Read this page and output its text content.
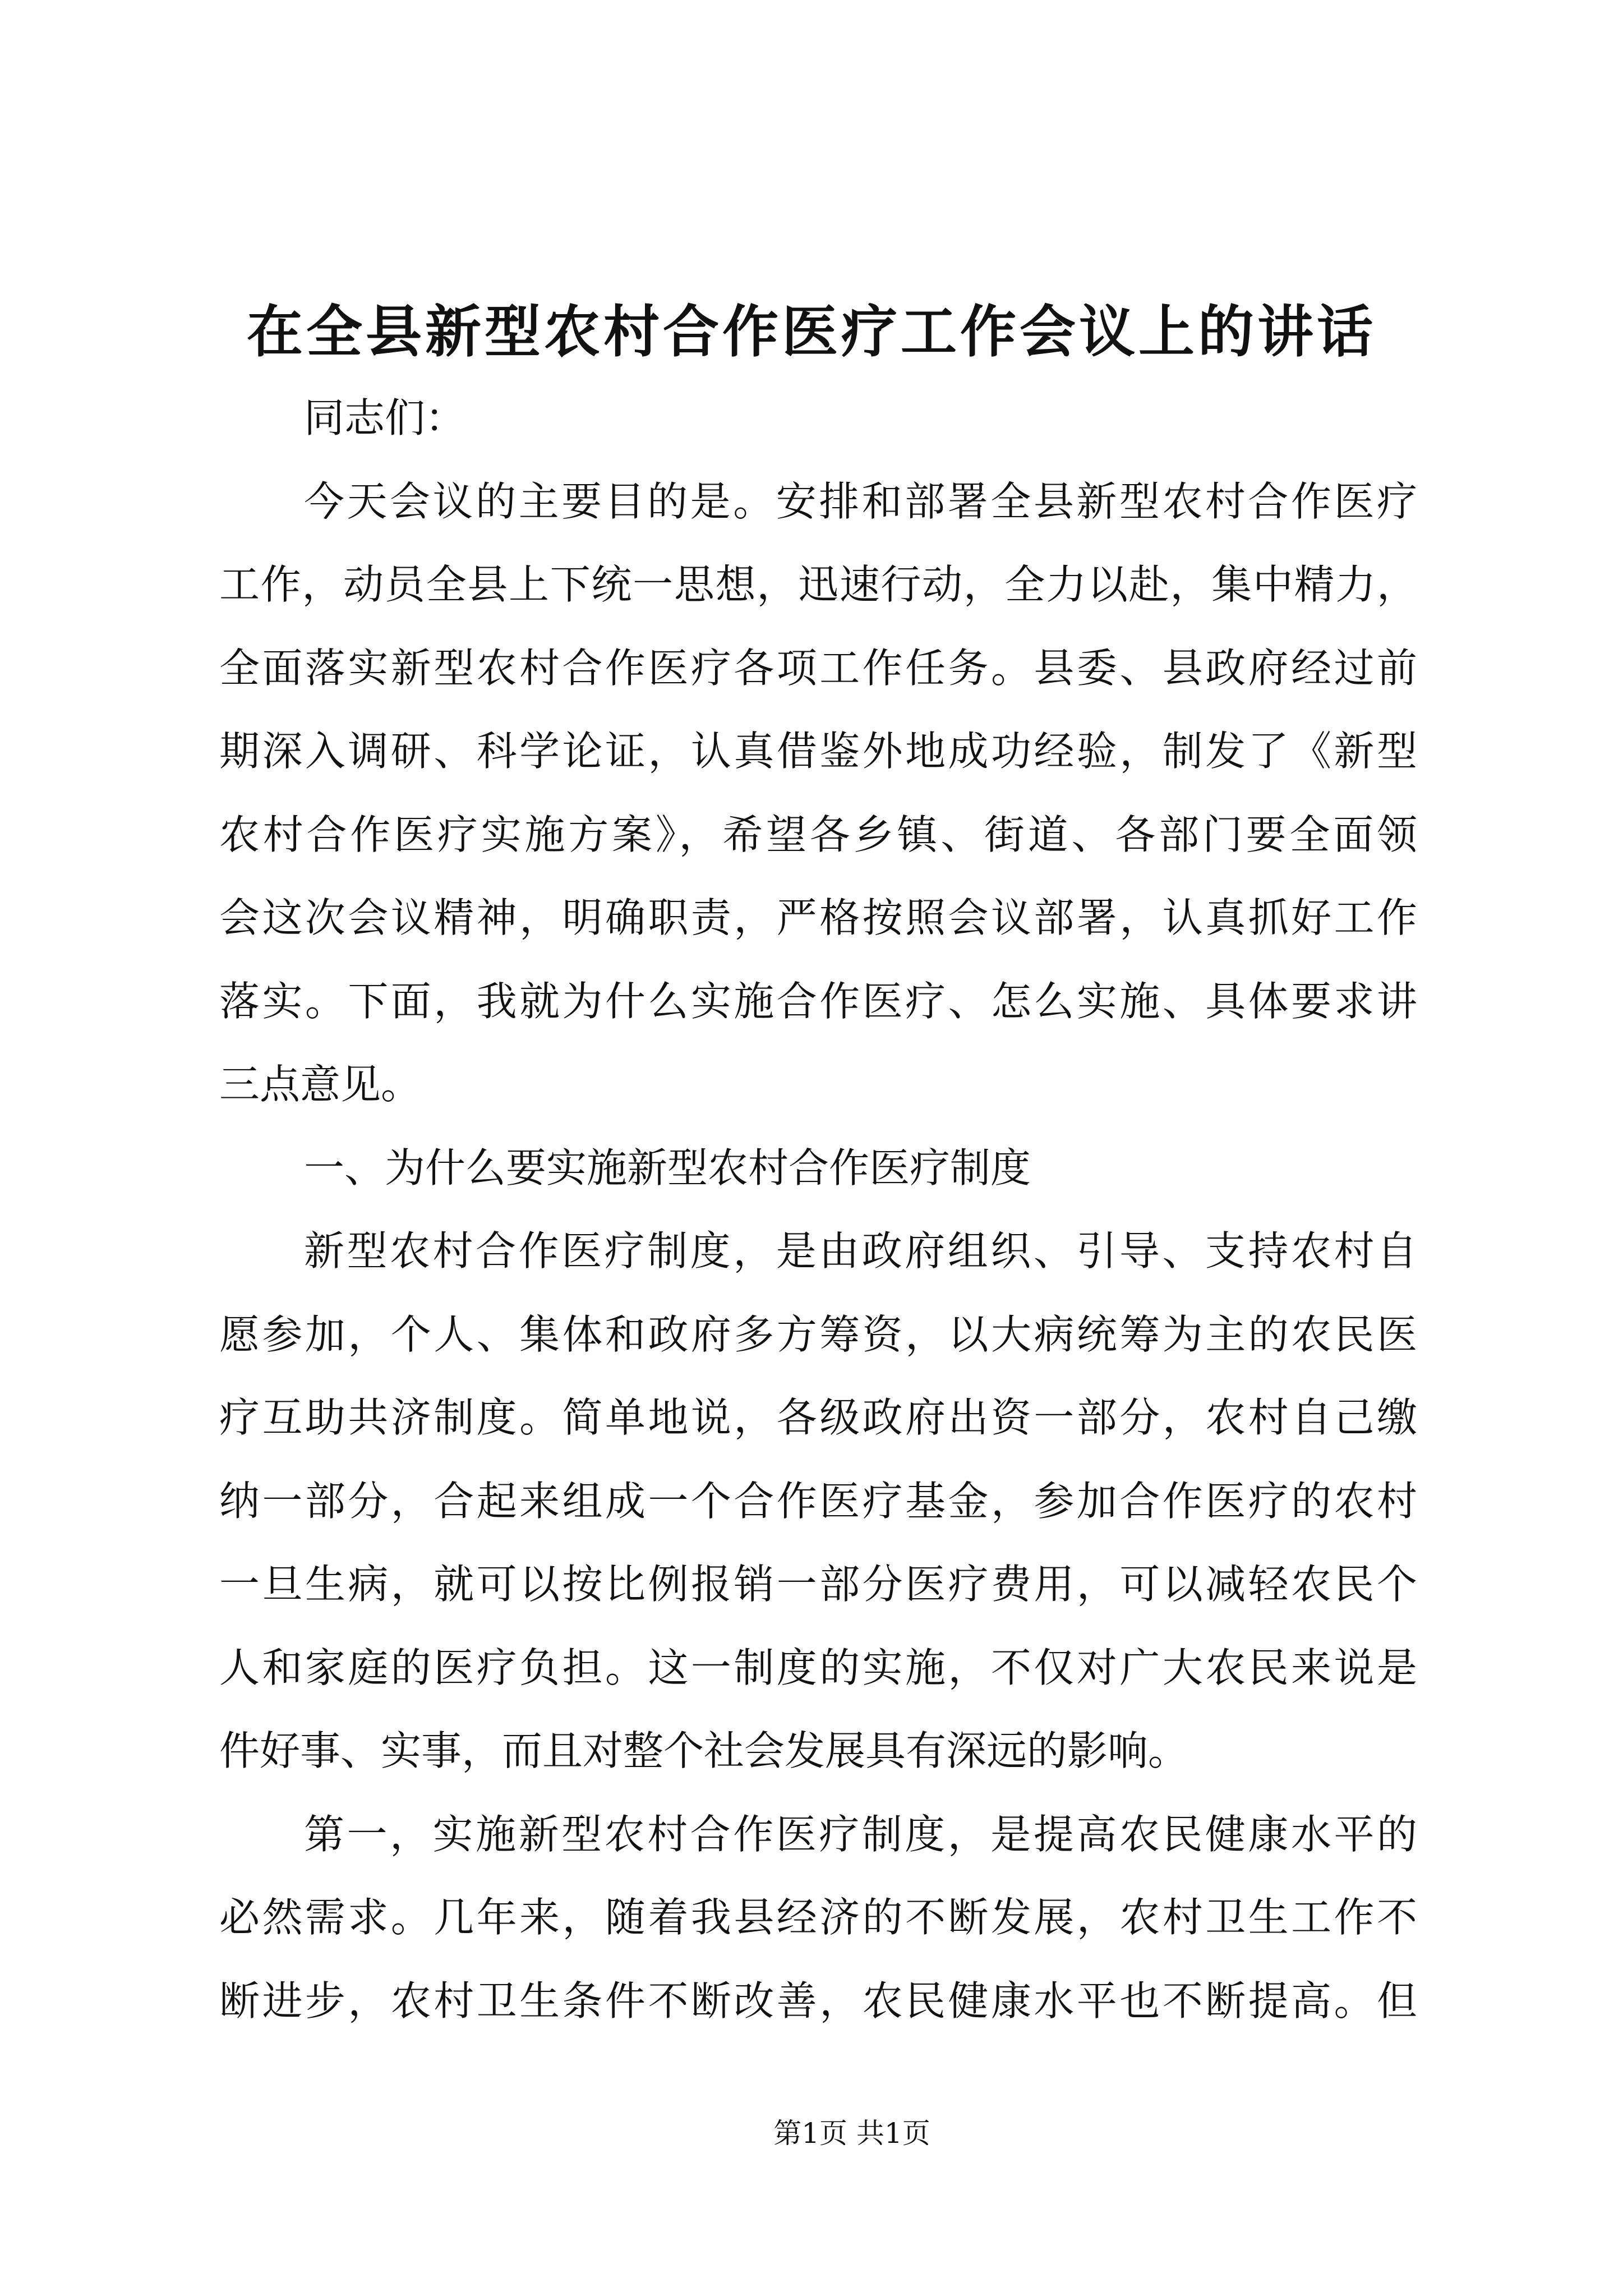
在全县新型农村合作医疗工作会议上的讲话
同志们：
今天会议的主要目的是。安排和部署全县新型农村合作医疗
工作，动员全县上下统一思想，迅速行动，全力以赴，集中精力，
全面落实新型农村合作医疗各项工作任务。县委、县政府经过前
期深入调研、科学论证，认真借鉴外地成功经验，制发了《新型
农村合作医疗实施方案》，希望各乡镇、街道、各部门要全面领
会这次会议精神，明确职责，严格按照会议部署，认真抓好工作
落实。下面，我就为什么实施合作医疗、怎么实施、具体要求讲
三点意见。
一、为什么要实施新型农村合作医疗制度
新型农村合作医疗制度，是由政府组织、引导、支持农村自
愿参加，个人、集体和政府多方筹资，以大病统筹为主的农民医
疗互助共济制度。简单地说，各级政府出资一部分，农村自己缴
纳一部分，合起来组成一个合作医疗基金，参加合作医疗的农村
一旦生病，就可以按比例报销一部分医疗费用，可以减轻农民个
人和家庭的医疗负担。这一制度的实施，不仅对广大农民来说是
件好事、实事，而且对整个社会发展具有深远的影响。
第一，实施新型农村合作医疗制度，是提高农民健康水平的
必然需求。几年来，随着我县经济的不断发展，农村卫生工作不
断进步，农村卫生条件不断改善，农民健康水平也不断提高。但
第1页 共1页
